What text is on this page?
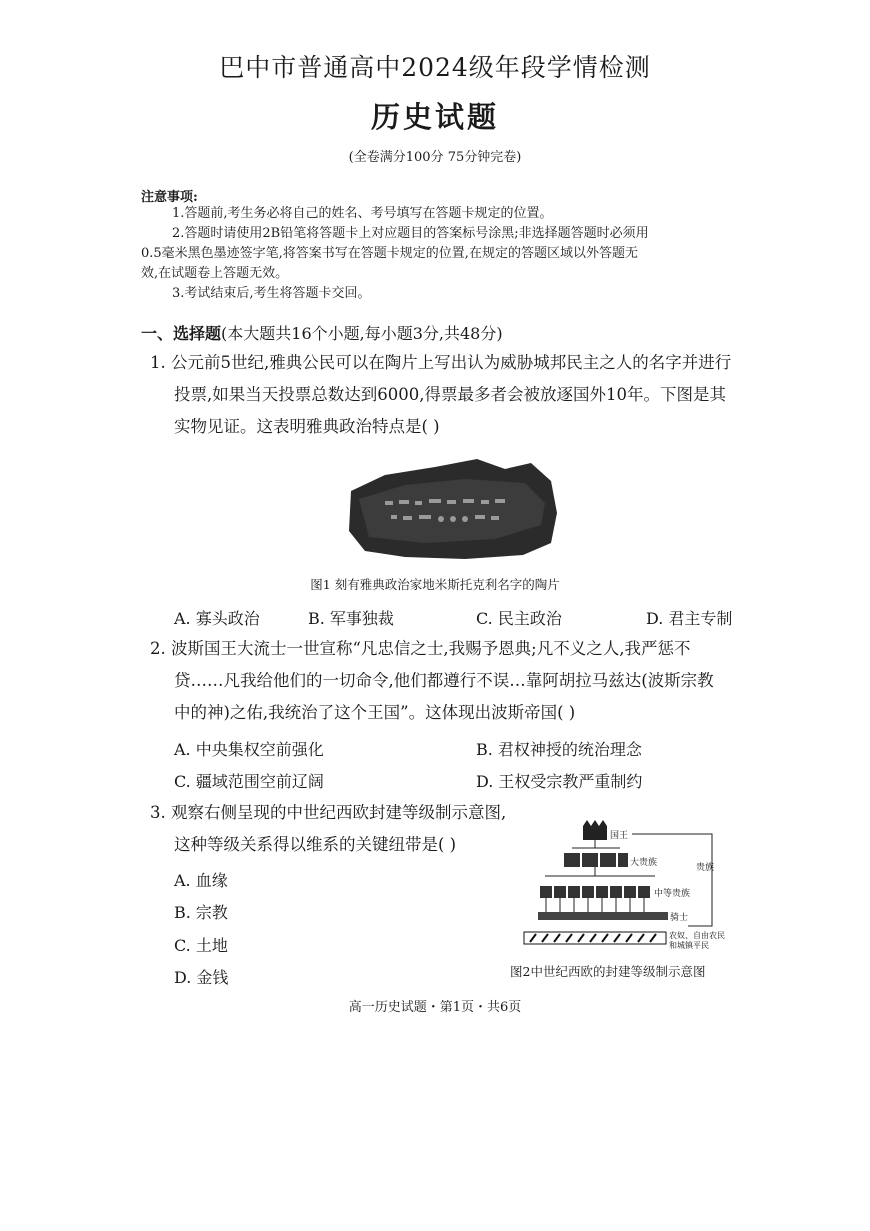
巴中市普通高中2024级年段学情检测
历史试题
(全卷满分100分 75分钟完卷)
注意事项:
1.答题前,考生务必将自己的姓名、考号填写在答题卡规定的位置。
2.答题时请使用2B铅笔将答题卡上对应题目的答案标号涂黑;非选择题答题时必须用
0.5毫米黑色墨迹签字笔,将答案书写在答题卡规定的位置,在规定的答题区域以外答题无
效,在试题卷上答题无效。
3.考试结束后,考生将答题卡交回。
一、选择题(本大题共16个小题,每小题3分,共48分)
1. 公元前5世纪,雅典公民可以在陶片上写出认为威胁城邦民主之人的名字并进行
投票,如果当天投票总数达到6000,得票最多者会被放逐国外10年。下图是其
实物见证。这表明雅典政治特点是( )
图1 刻有雅典政治家地米斯托克利名字的陶片
A. 寡头政治	B. 军事独裁	C. 民主政治	D. 君主专制
2. 波斯国王大流士一世宣称“凡忠信之士,我赐予恩典;凡不义之人,我严惩不
贷……凡我给他们的一切命令,他们都遵行不误…靠阿胡拉马兹达(波斯宗教
中的神)之佑,我统治了这个王国”。这体现出波斯帝国( )
A. 中央集权空前强化	B. 君权神授的统治理念
C. 疆域范围空前辽阔	D. 王权受宗教严重制约
3. 观察右侧呈现的中世纪西欧封建等级制示意图,
这种等级关系得以维系的关键纽带是( )
A. 血缘
B. 宗教
C. 土地
D. 金钱
国王
大贵族
中等贵族
骑士
农奴、自由农民
和城镇平民
贵族
图2中世纪西欧的封建等级制示意图
高一历史试题・第1页・共6页
